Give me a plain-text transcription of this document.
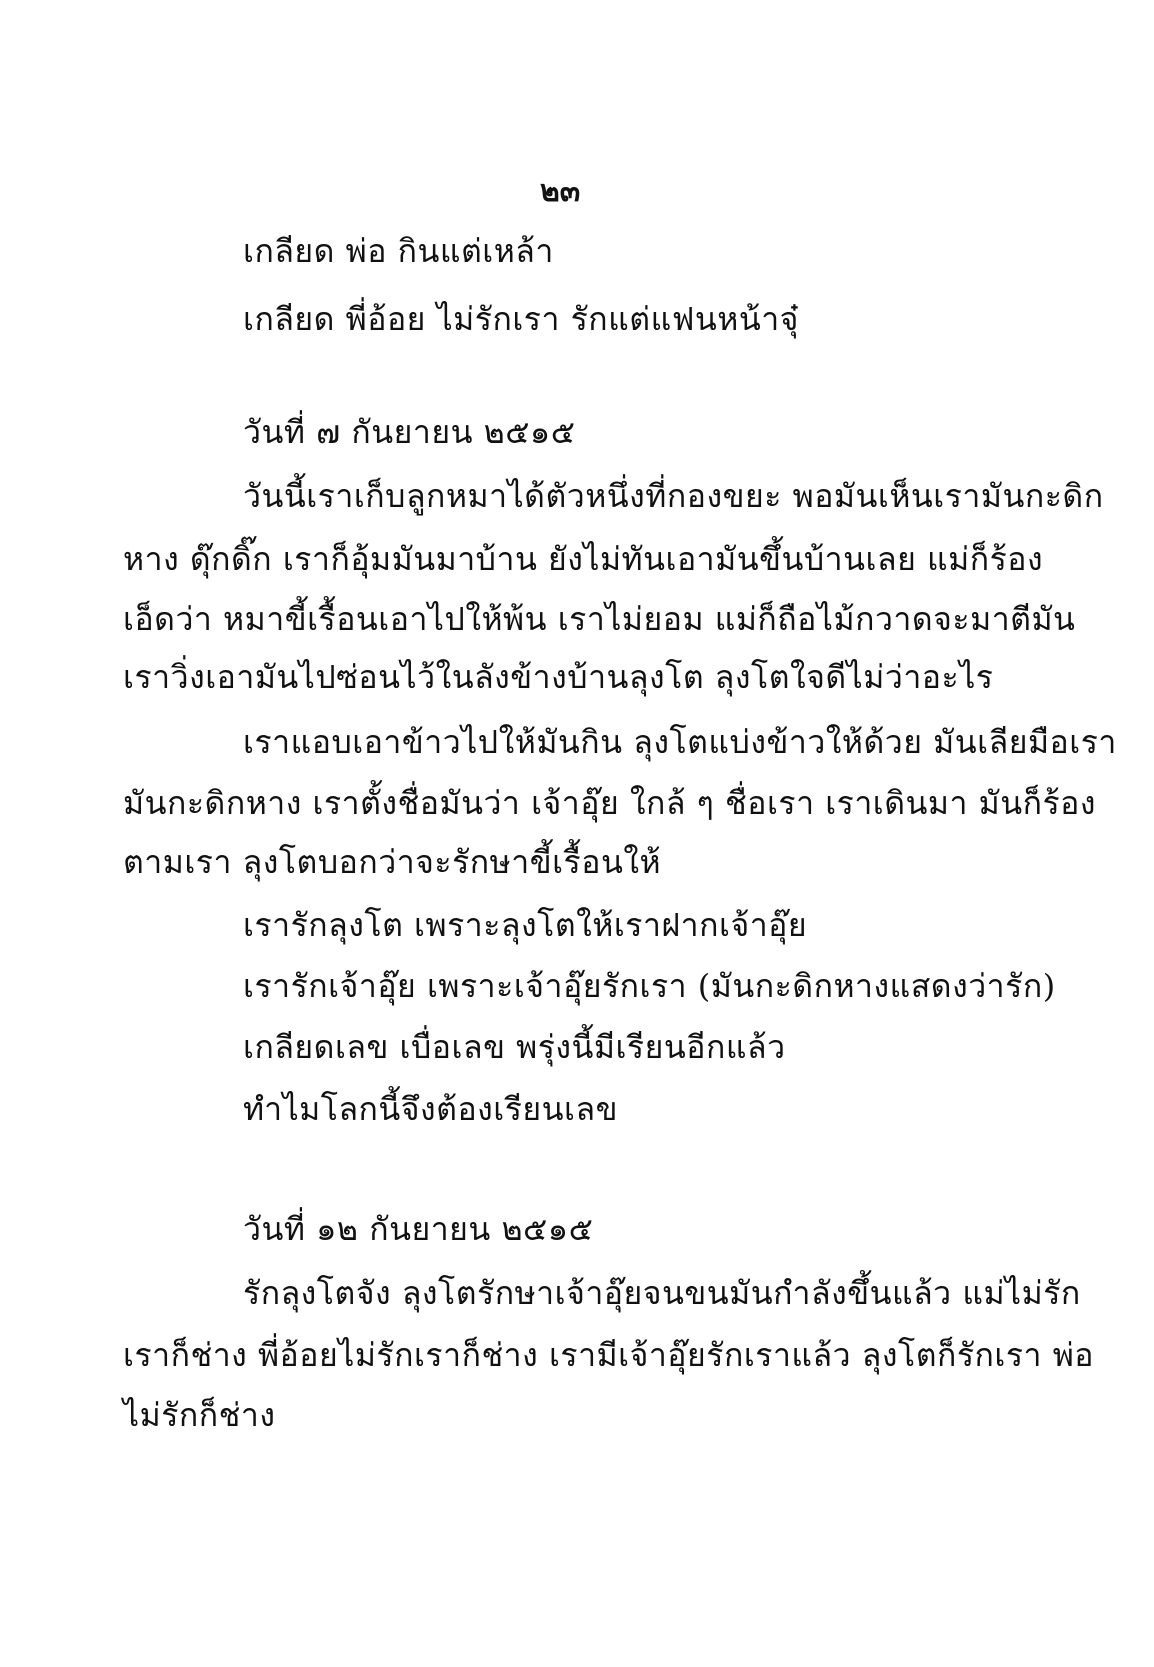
๒๓
เกลียด พ่อ กินแต่เหล้า
เกลียด พี่อ้อย ไม่รักเรา รักแต่แฟนหน้าจุ๋
วันที่ ๗ กันยายน ๒๕๑๕
วันนี้เราเก็บลูกหมาได้ตัวหนึ่งที่กองขยะ พอมันเห็นเรามันกะดิก
หาง ดุ๊กดิ๊ก เราก็อุ้มมันมาบ้าน ยังไม่ทันเอามันขึ้นบ้านเลย แม่ก็ร้อง
เอ็ดว่า หมาขี้เรื้อนเอาไปให้พ้น เราไม่ยอม แม่ก็ถือไม้กวาดจะมาตีมัน
เราวิ่งเอามันไปซ่อนไว้ในลังข้างบ้านลุงโต ลุงโตใจดีไม่ว่าอะไร
เราแอบเอาข้าวไปให้มันกิน ลุงโตแบ่งข้าวให้ด้วย มันเลียมือเรา
มันกะดิกหาง เราตั้งชื่อมันว่า เจ้าอุ๊ย ใกล้ ๆ ชื่อเรา เราเดินมา มันก็ร้อง
ตามเรา ลุงโตบอกว่าจะรักษาขี้เรื้อนให้
เรารักลุงโต เพราะลุงโตให้เราฝากเจ้าอุ๊ย
เรารักเจ้าอุ๊ย เพราะเจ้าอุ๊ยรักเรา (มันกะดิกหางแสดงว่ารัก)
เกลียดเลข เบื่อเลข พรุ่งนี้มีเรียนอีกแล้ว
ทำไมโลกนี้จึงต้องเรียนเลข
วันที่ ๑๒ กันยายน ๒๕๑๕
รักลุงโตจัง ลุงโตรักษาเจ้าอุ๊ยจนขนมันกำลังขึ้นแล้ว แม่ไม่รัก
เราก็ช่าง พี่อ้อยไม่รักเราก็ช่าง เรามีเจ้าอุ๊ยรักเราแล้ว ลุงโตก็รักเรา พ่อ
ไม่รักก็ช่าง
